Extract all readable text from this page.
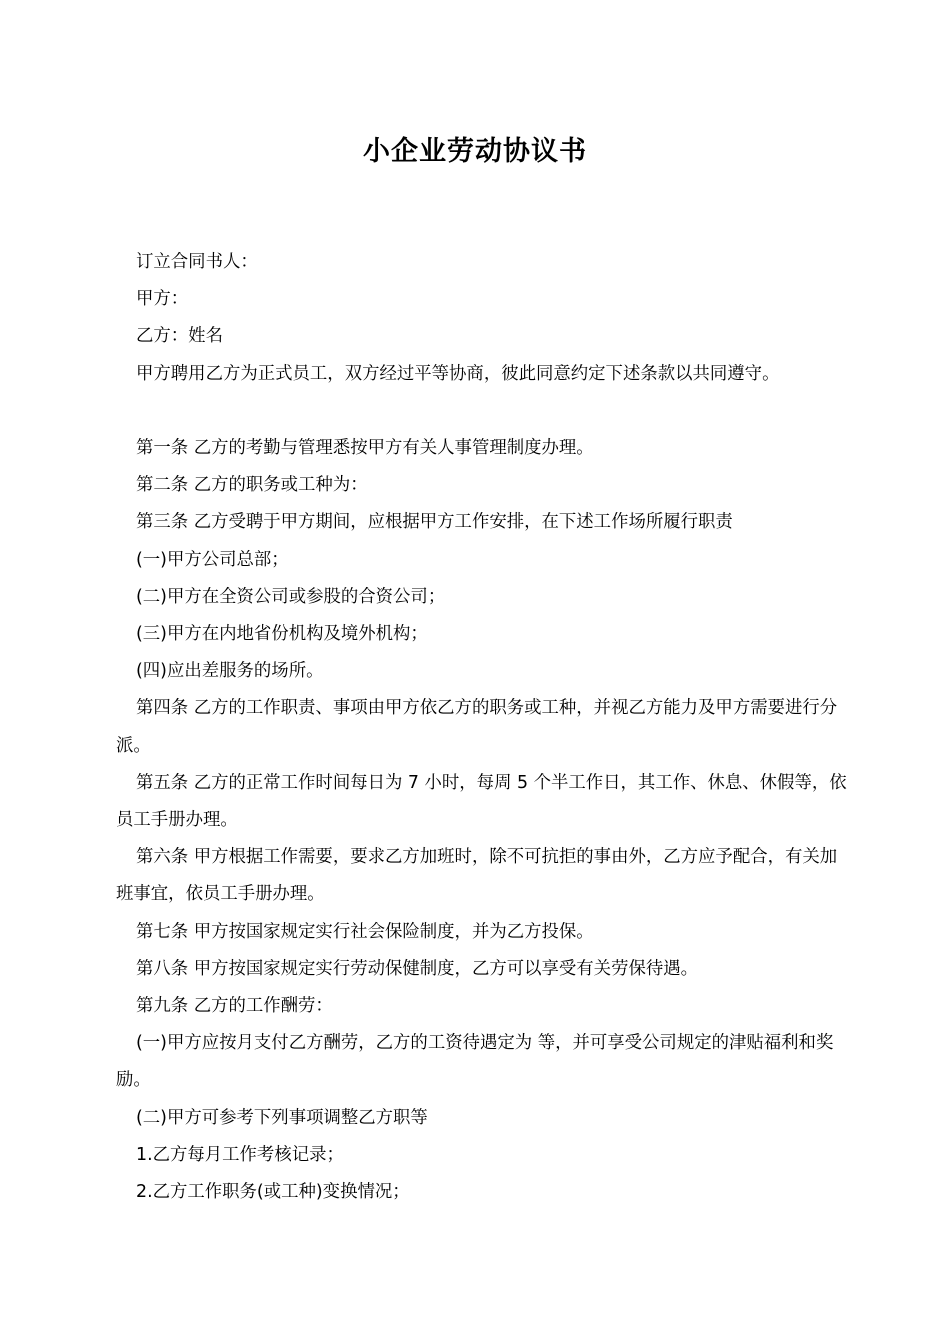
小企业劳动协议书

订立合同书人：

甲方：

乙方：姓名

甲方聘用乙方为正式员工，双方经过平等协商，彼此同意约定下述条款以共同遵守。

第一条 乙方的考勤与管理悉按甲方有关人事管理制度办理。

第二条 乙方的职务或工种为：

第三条 乙方受聘于甲方期间，应根据甲方工作安排，在下述工作场所履行职责

(一)甲方公司总部；

(二)甲方在全资公司或参股的合资公司；

(三)甲方在内地省份机构及境外机构；

(四)应出差服务的场所。

第四条 乙方的工作职责、事项由甲方依乙方的职务或工种，并视乙方能力及甲方需要进行分派。

第五条 乙方的正常工作时间每日为 7 小时，每周 5 个半工作日，其工作、休息、休假等，依员工手册办理。

第六条 甲方根据工作需要，要求乙方加班时，除不可抗拒的事由外，乙方应予配合，有关加班事宜，依员工手册办理。

第七条 甲方按国家规定实行社会保险制度，并为乙方投保。

第八条 甲方按国家规定实行劳动保健制度，乙方可以享受有关劳保待遇。

第九条 乙方的工作酬劳：

(一)甲方应按月支付乙方酬劳，乙方的工资待遇定为 等，并可享受公司规定的津贴福利和奖励。

(二)甲方可参考下列事项调整乙方职等

1.乙方每月工作考核记录；

2.乙方工作职务(或工种)变换情况；
